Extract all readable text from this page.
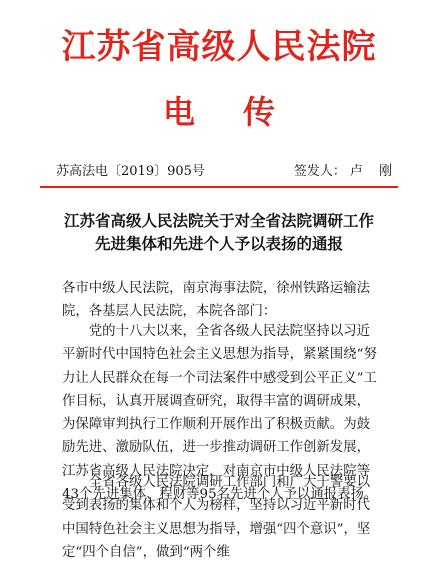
江苏省高级人民法院
电 传
苏高法电〔2019〕905号	签发人： 卢 刚
江苏省高级人民法院关于对全省法院调研工作
先进集体和先进个人予以表扬的通报
各市中级人民法院，南京海事法院，徐州铁路运输法院，各基层人民法院，本院各部门：
党的十八大以来，全省各级人民法院坚持以习近平新时代中国特色社会主义思想为指导，紧紧围绕“努力让人民群众在每一个司法案件中感受到公平正义”工作目标，认真开展调查研究，取得丰富的调研成果，为保障审判执行工作顺利开展作出了积极贡献。为鼓励先进、激励队伍，进一步推动调研工作创新发展，江苏省高级人民法院决定，对南京市中级人民法院等43个先进集体、程财等95名先进个人予以通报表扬。
全省各级人民法院调研工作部门和广大干警要以受到表扬的集体和个人为榜样，坚持以习近平新时代中国特色社会主义思想为指导，增强“四个意识”，坚定“四个自信”，做到“两个维
